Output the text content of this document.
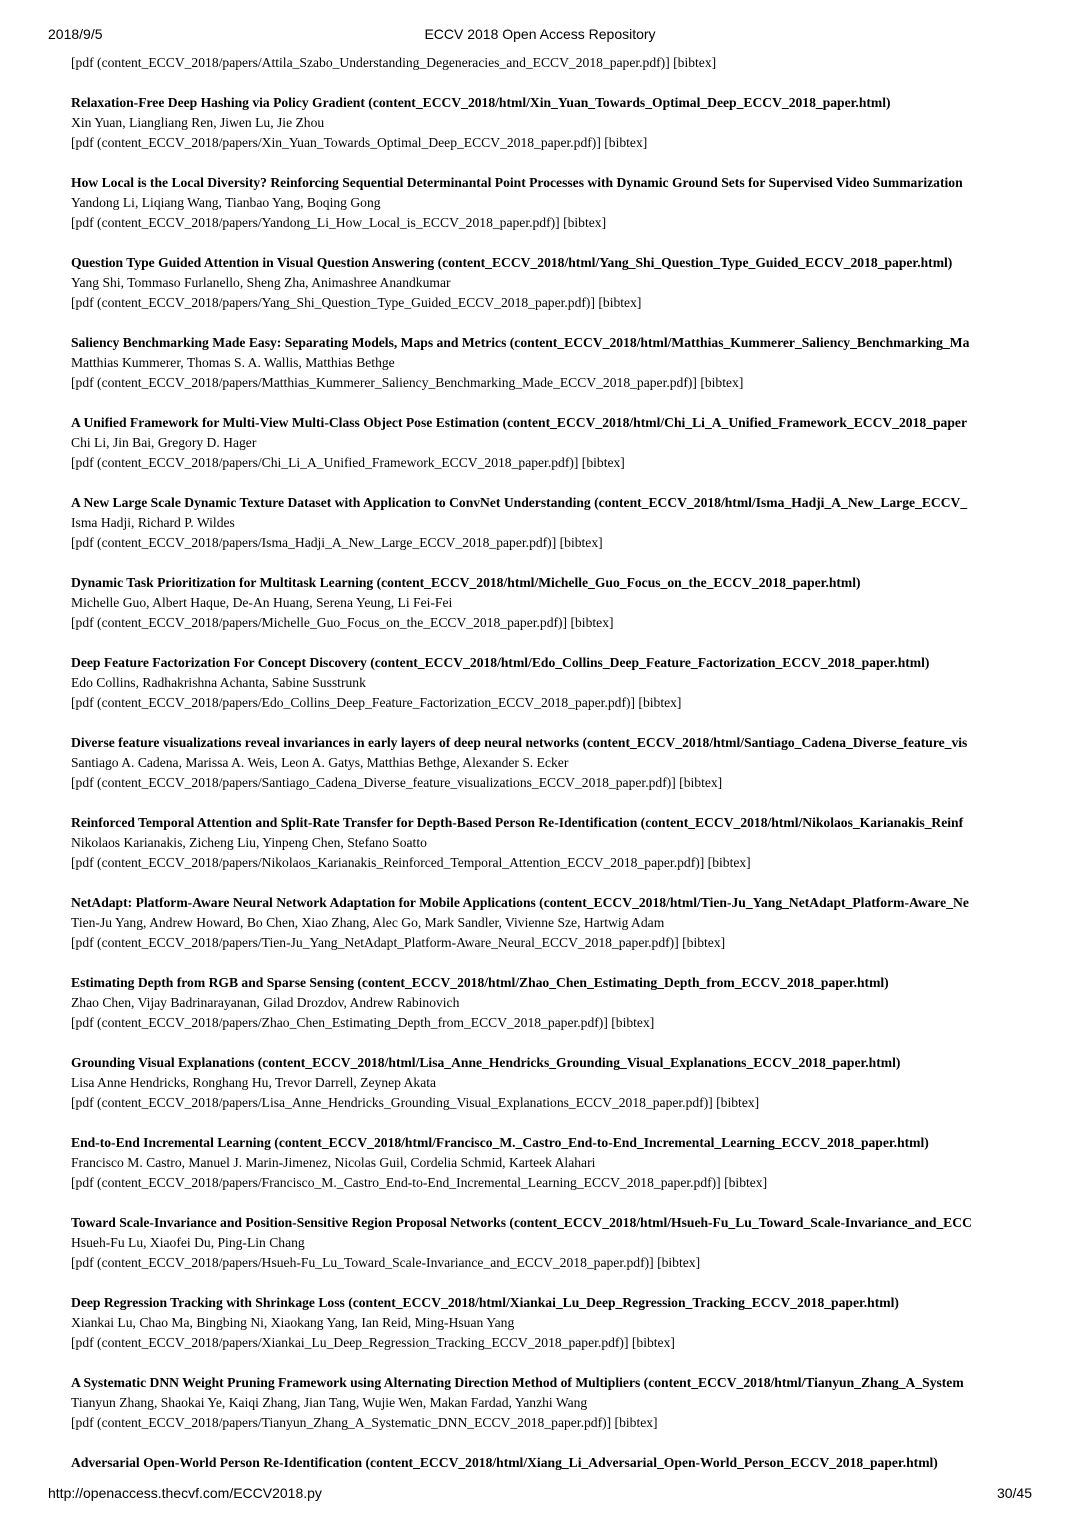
2018/9/5	ECCV 2018 Open Access Repository
[pdf (content_ECCV_2018/papers/Attila_Szabo_Understanding_Degeneracies_and_ECCV_2018_paper.pdf)] [bibtex]
Relaxation-Free Deep Hashing via Policy Gradient (content_ECCV_2018/html/Xin_Yuan_Towards_Optimal_Deep_ECCV_2018_paper.html)
Xin Yuan, Liangliang Ren, Jiwen Lu, Jie Zhou
[pdf (content_ECCV_2018/papers/Xin_Yuan_Towards_Optimal_Deep_ECCV_2018_paper.pdf)] [bibtex]
How Local is the Local Diversity? Reinforcing Sequential Determinantal Point Processes with Dynamic Ground Sets for Supervised Video Summarization
Yandong Li, Liqiang Wang, Tianbao Yang, Boqing Gong
[pdf (content_ECCV_2018/papers/Yandong_Li_How_Local_is_ECCV_2018_paper.pdf)] [bibtex]
Question Type Guided Attention in Visual Question Answering (content_ECCV_2018/html/Yang_Shi_Question_Type_Guided_ECCV_2018_paper.html)
Yang Shi, Tommaso Furlanello, Sheng Zha, Animashree Anandkumar
[pdf (content_ECCV_2018/papers/Yang_Shi_Question_Type_Guided_ECCV_2018_paper.pdf)] [bibtex]
Saliency Benchmarking Made Easy: Separating Models, Maps and Metrics (content_ECCV_2018/html/Matthias_Kummerer_Saliency_Benchmarking_Ma
Matthias Kummerer, Thomas S. A. Wallis, Matthias Bethge
[pdf (content_ECCV_2018/papers/Matthias_Kummerer_Saliency_Benchmarking_Made_ECCV_2018_paper.pdf)] [bibtex]
A Unified Framework for Multi-View Multi-Class Object Pose Estimation (content_ECCV_2018/html/Chi_Li_A_Unified_Framework_ECCV_2018_paper
Chi Li, Jin Bai, Gregory D. Hager
[pdf (content_ECCV_2018/papers/Chi_Li_A_Unified_Framework_ECCV_2018_paper.pdf)] [bibtex]
A New Large Scale Dynamic Texture Dataset with Application to ConvNet Understanding (content_ECCV_2018/html/Isma_Hadji_A_New_Large_ECCV_
Isma Hadji, Richard P. Wildes
[pdf (content_ECCV_2018/papers/Isma_Hadji_A_New_Large_ECCV_2018_paper.pdf)] [bibtex]
Dynamic Task Prioritization for Multitask Learning (content_ECCV_2018/html/Michelle_Guo_Focus_on_the_ECCV_2018_paper.html)
Michelle Guo, Albert Haque, De-An Huang, Serena Yeung, Li Fei-Fei
[pdf (content_ECCV_2018/papers/Michelle_Guo_Focus_on_the_ECCV_2018_paper.pdf)] [bibtex]
Deep Feature Factorization For Concept Discovery (content_ECCV_2018/html/Edo_Collins_Deep_Feature_Factorization_ECCV_2018_paper.html)
Edo Collins, Radhakrishna Achanta, Sabine Susstrunk
[pdf (content_ECCV_2018/papers/Edo_Collins_Deep_Feature_Factorization_ECCV_2018_paper.pdf)] [bibtex]
Diverse feature visualizations reveal invariances in early layers of deep neural networks (content_ECCV_2018/html/Santiago_Cadena_Diverse_feature_vis
Santiago A. Cadena, Marissa A. Weis, Leon A. Gatys, Matthias Bethge, Alexander S. Ecker
[pdf (content_ECCV_2018/papers/Santiago_Cadena_Diverse_feature_visualizations_ECCV_2018_paper.pdf)] [bibtex]
Reinforced Temporal Attention and Split-Rate Transfer for Depth-Based Person Re-Identification (content_ECCV_2018/html/Nikolaos_Karianakis_Reinf
Nikolaos Karianakis, Zicheng Liu, Yinpeng Chen, Stefano Soatto
[pdf (content_ECCV_2018/papers/Nikolaos_Karianakis_Reinforced_Temporal_Attention_ECCV_2018_paper.pdf)] [bibtex]
NetAdapt: Platform-Aware Neural Network Adaptation for Mobile Applications (content_ECCV_2018/html/Tien-Ju_Yang_NetAdapt_Platform-Aware_Ne
Tien-Ju Yang, Andrew Howard, Bo Chen, Xiao Zhang, Alec Go, Mark Sandler, Vivienne Sze, Hartwig Adam
[pdf (content_ECCV_2018/papers/Tien-Ju_Yang_NetAdapt_Platform-Aware_Neural_ECCV_2018_paper.pdf)] [bibtex]
Estimating Depth from RGB and Sparse Sensing (content_ECCV_2018/html/Zhao_Chen_Estimating_Depth_from_ECCV_2018_paper.html)
Zhao Chen, Vijay Badrinarayanan, Gilad Drozdov, Andrew Rabinovich
[pdf (content_ECCV_2018/papers/Zhao_Chen_Estimating_Depth_from_ECCV_2018_paper.pdf)] [bibtex]
Grounding Visual Explanations (content_ECCV_2018/html/Lisa_Anne_Hendricks_Grounding_Visual_Explanations_ECCV_2018_paper.html)
Lisa Anne Hendricks, Ronghang Hu, Trevor Darrell, Zeynep Akata
[pdf (content_ECCV_2018/papers/Lisa_Anne_Hendricks_Grounding_Visual_Explanations_ECCV_2018_paper.pdf)] [bibtex]
End-to-End Incremental Learning (content_ECCV_2018/html/Francisco_M._Castro_End-to-End_Incremental_Learning_ECCV_2018_paper.html)
Francisco M. Castro, Manuel J. Marin-Jimenez, Nicolas Guil, Cordelia Schmid, Karteek Alahari
[pdf (content_ECCV_2018/papers/Francisco_M._Castro_End-to-End_Incremental_Learning_ECCV_2018_paper.pdf)] [bibtex]
Toward Scale-Invariance and Position-Sensitive Region Proposal Networks (content_ECCV_2018/html/Hsueh-Fu_Lu_Toward_Scale-Invariance_and_ECC
Hsueh-Fu Lu, Xiaofei Du, Ping-Lin Chang
[pdf (content_ECCV_2018/papers/Hsueh-Fu_Lu_Toward_Scale-Invariance_and_ECCV_2018_paper.pdf)] [bibtex]
Deep Regression Tracking with Shrinkage Loss (content_ECCV_2018/html/Xiankai_Lu_Deep_Regression_Tracking_ECCV_2018_paper.html)
Xiankai Lu, Chao Ma, Bingbing Ni, Xiaokang Yang, Ian Reid, Ming-Hsuan Yang
[pdf (content_ECCV_2018/papers/Xiankai_Lu_Deep_Regression_Tracking_ECCV_2018_paper.pdf)] [bibtex]
A Systematic DNN Weight Pruning Framework using Alternating Direction Method of Multipliers (content_ECCV_2018/html/Tianyun_Zhang_A_System
Tianyun Zhang, Shaokai Ye, Kaiqi Zhang, Jian Tang, Wujie Wen, Makan Fardad, Yanzhi Wang
[pdf (content_ECCV_2018/papers/Tianyun_Zhang_A_Systematic_DNN_ECCV_2018_paper.pdf)] [bibtex]
Adversarial Open-World Person Re-Identification (content_ECCV_2018/html/Xiang_Li_Adversarial_Open-World_Person_ECCV_2018_paper.html)
http://openaccess.thecvf.com/ECCV2018.py	30/45
